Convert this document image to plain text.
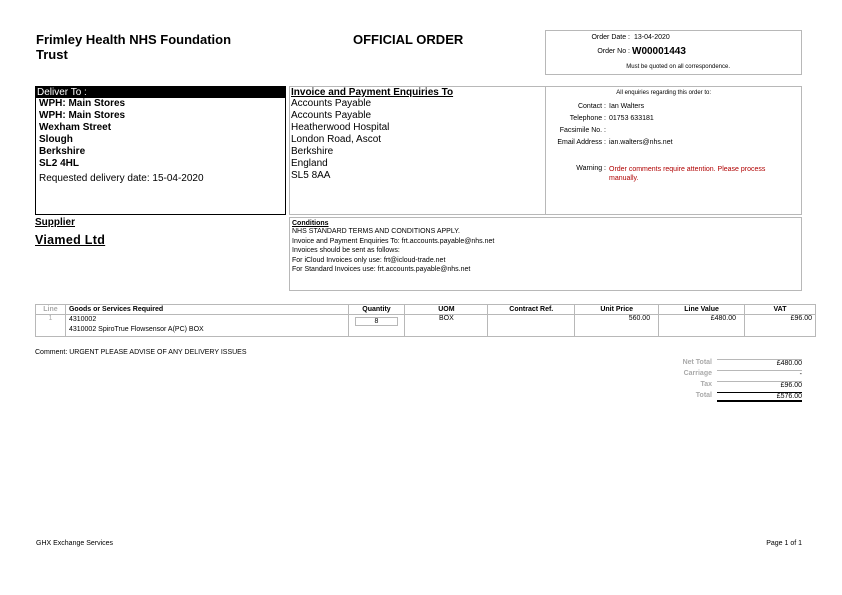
Frimley Health NHS Foundation
Trust
OFFICIAL ORDER	Order Date : 13-04-2020
Order No : W00001443
Must be quoted on all correspondence.
Deliver To :
WPH: Main Stores
WPH: Main Stores
Wexham Street
Slough
Berkshire
SL2 4HL
Requested delivery date: 15-04-2020
Invoice and Payment Enquiries To
Accounts Payable
Accounts Payable
Heatherwood Hospital
London Road, Ascot
Berkshire
England
SL5 8AA
All enquiries regarding this order to:
Contact : Ian Walters
Telephone : 01753 633181
Facsimile No. :
Email Address : ian.walters@nhs.net
Warning : Order comments require attention. Please process
manually.
Supplier
Viamed Ltd
Conditions
NHS STANDARD TERMS AND CONDITIONS APPLY.
Invoice and Payment Enquiries To: frt.accounts.payable@nhs.net
Invoices should be sent as follows:
For iCloud Invoices only use: frt@icloud-trade.net
For Standard Invoices use: frt.accounts.payable@nhs.net
Line	Goods or Services Required	Quantity	UOM	Contract Ref.	Unit Price	Line Value	VAT
1	4310002
4310002 SpiroTrue Flowsensor A(PC) BOX	8	BOX		560.00	£480.00	£96.00
Comment: URGENT PLEASE ADVISE OF ANY DELIVERY ISSUES
Net Total	£480.00
Carriage	-
Tax	£96.00
Total	£576.00
GHX Exchange Services	Page 1 of 1
